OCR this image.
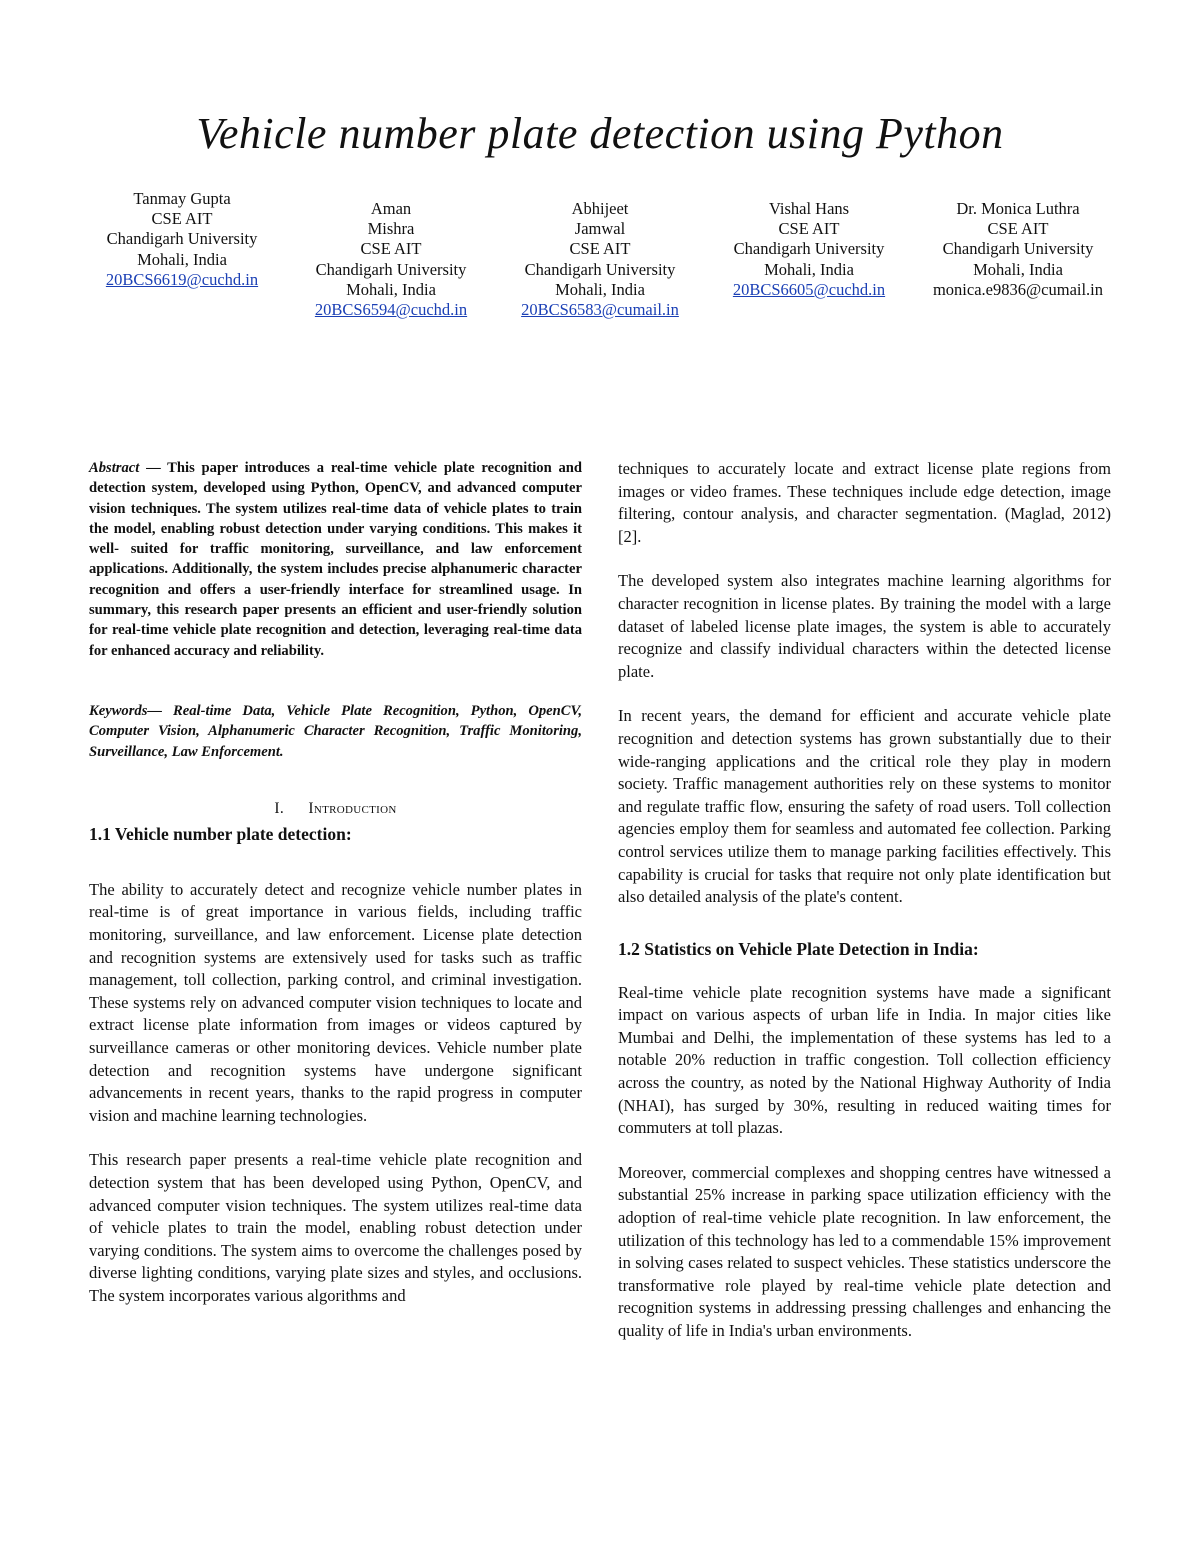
Vehicle number plate detection using Python
Tanmay Gupta
CSE AIT
Chandigarh University
Mohali, India
20BCS6619@cuchd.in
Aman
Mishra
CSE AIT
Chandigarh University
Mohali, India
20BCS6594@cuchd.in
Abhijeet
Jamwal
CSE AIT
Chandigarh University
Mohali, India
20BCS6583@cumail.in
Vishal Hans
CSE AIT
Chandigarh University
Mohali, India
20BCS6605@cuchd.in
Dr. Monica Luthra
CSE AIT
Chandigarh University
Mohali, India
monica.e9836@cumail.in

Abstract — This paper introduces a real-time vehicle plate recognition and detection system, developed using Python, OpenCV, and advanced computer vision techniques. The system utilizes real-time data of vehicle plates to train the model, enabling robust detection under varying conditions. This makes it well- suited for traffic monitoring, surveillance, and law enforcement applications. Additionally, the system includes precise alphanumeric character recognition and offers a user-friendly interface for streamlined usage. In summary, this research paper presents an efficient and user-friendly solution for real-time vehicle plate recognition and detection, leveraging real-time data for enhanced accuracy and reliability.

Keywords— Real-time Data, Vehicle Plate Recognition, Python, OpenCV, Computer Vision, Alphanumeric Character Recognition, Traffic Monitoring, Surveillance, Law Enforcement.

I. Introduction
1.1 Vehicle number plate detection:

The ability to accurately detect and recognize vehicle number plates in real-time is of great importance in various fields, including traffic monitoring, surveillance, and law enforcement. License plate detection and recognition systems are extensively used for tasks such as traffic management, toll collection, parking control, and criminal investigation. These systems rely on advanced computer vision techniques to locate and extract license plate information from images or videos captured by surveillance cameras or other monitoring devices. Vehicle number plate detection and recognition systems have undergone significant advancements in recent years, thanks to the rapid progress in computer vision and machine learning technologies.

This research paper presents a real-time vehicle plate recognition and detection system that has been developed using Python, OpenCV, and advanced computer vision techniques. The system utilizes real-time data of vehicle plates to train the model, enabling robust detection under varying conditions. The system aims to overcome the challenges posed by diverse lighting conditions, varying plate sizes and styles, and occlusions. The system incorporates various algorithms and

techniques to accurately locate and extract license plate regions from images or video frames. These techniques include edge detection, image filtering, contour analysis, and character segmentation. (Maglad, 2012) [2].

The developed system also integrates machine learning algorithms for character recognition in license plates. By training the model with a large dataset of labeled license plate images, the system is able to accurately recognize and classify individual characters within the detected license plate.

In recent years, the demand for efficient and accurate vehicle plate recognition and detection systems has grown substantially due to their wide-ranging applications and the critical role they play in modern society. Traffic management authorities rely on these systems to monitor and regulate traffic flow, ensuring the safety of road users. Toll collection agencies employ them for seamless and automated fee collection. Parking control services utilize them to manage parking facilities effectively. This capability is crucial for tasks that require not only plate identification but also detailed analysis of the plate's content.

1.2 Statistics on Vehicle Plate Detection in India:

Real-time vehicle plate recognition systems have made a significant impact on various aspects of urban life in India. In major cities like Mumbai and Delhi, the implementation of these systems has led to a notable 20% reduction in traffic congestion. Toll collection efficiency across the country, as noted by the National Highway Authority of India (NHAI), has surged by 30%, resulting in reduced waiting times for commuters at toll plazas.

Moreover, commercial complexes and shopping centres have witnessed a substantial 25% increase in parking space utilization efficiency with the adoption of real-time vehicle plate recognition. In law enforcement, the utilization of this technology has led to a commendable 15% improvement in solving cases related to suspect vehicles. These statistics underscore the transformative role played by real-time vehicle plate detection and recognition systems in addressing pressing challenges and enhancing the quality of life in India's urban environments.
